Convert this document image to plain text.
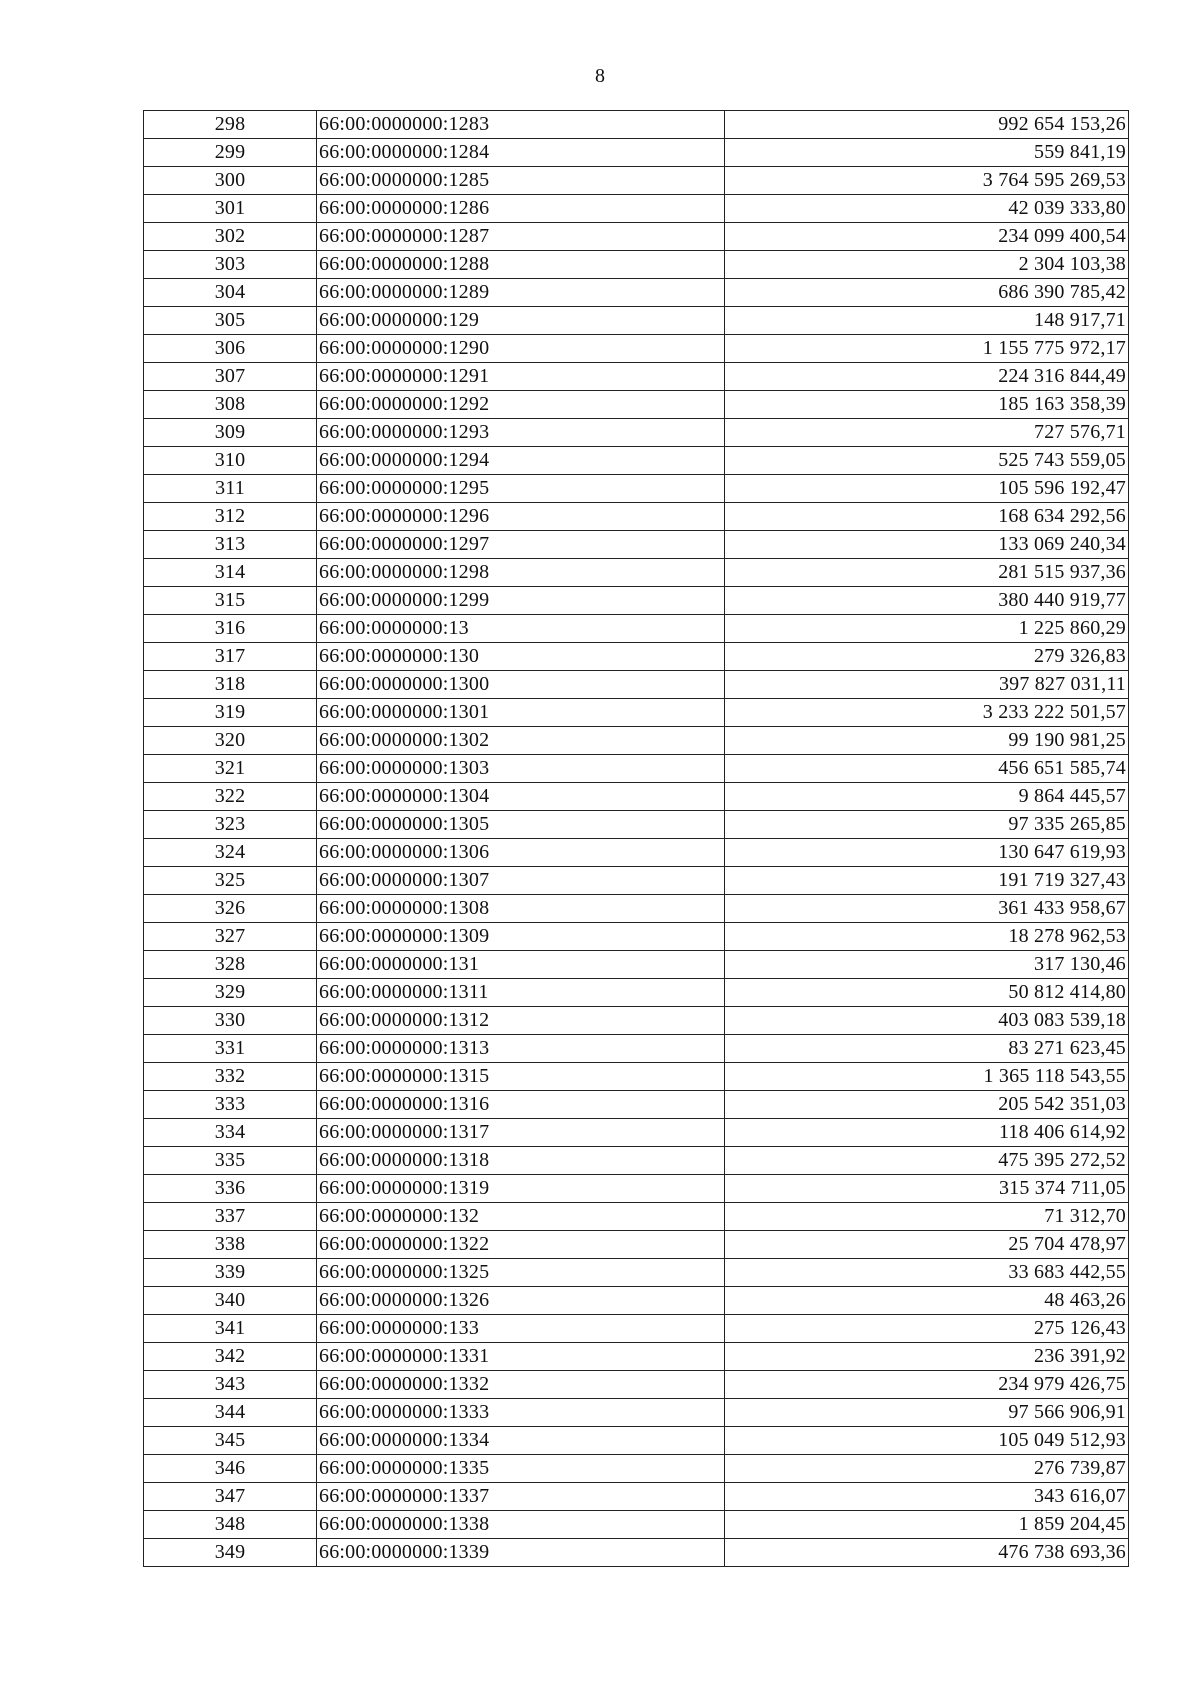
8
298	66:00:0000000:1283	992 654 153,26
299	66:00:0000000:1284	559 841,19
300	66:00:0000000:1285	3 764 595 269,53
301	66:00:0000000:1286	42 039 333,80
302	66:00:0000000:1287	234 099 400,54
303	66:00:0000000:1288	2 304 103,38
304	66:00:0000000:1289	686 390 785,42
305	66:00:0000000:129	148 917,71
306	66:00:0000000:1290	1 155 775 972,17
307	66:00:0000000:1291	224 316 844,49
308	66:00:0000000:1292	185 163 358,39
309	66:00:0000000:1293	727 576,71
310	66:00:0000000:1294	525 743 559,05
311	66:00:0000000:1295	105 596 192,47
312	66:00:0000000:1296	168 634 292,56
313	66:00:0000000:1297	133 069 240,34
314	66:00:0000000:1298	281 515 937,36
315	66:00:0000000:1299	380 440 919,77
316	66:00:0000000:13	1 225 860,29
317	66:00:0000000:130	279 326,83
318	66:00:0000000:1300	397 827 031,11
319	66:00:0000000:1301	3 233 222 501,57
320	66:00:0000000:1302	99 190 981,25
321	66:00:0000000:1303	456 651 585,74
322	66:00:0000000:1304	9 864 445,57
323	66:00:0000000:1305	97 335 265,85
324	66:00:0000000:1306	130 647 619,93
325	66:00:0000000:1307	191 719 327,43
326	66:00:0000000:1308	361 433 958,67
327	66:00:0000000:1309	18 278 962,53
328	66:00:0000000:131	317 130,46
329	66:00:0000000:1311	50 812 414,80
330	66:00:0000000:1312	403 083 539,18
331	66:00:0000000:1313	83 271 623,45
332	66:00:0000000:1315	1 365 118 543,55
333	66:00:0000000:1316	205 542 351,03
334	66:00:0000000:1317	118 406 614,92
335	66:00:0000000:1318	475 395 272,52
336	66:00:0000000:1319	315 374 711,05
337	66:00:0000000:132	71 312,70
338	66:00:0000000:1322	25 704 478,97
339	66:00:0000000:1325	33 683 442,55
340	66:00:0000000:1326	48 463,26
341	66:00:0000000:133	275 126,43
342	66:00:0000000:1331	236 391,92
343	66:00:0000000:1332	234 979 426,75
344	66:00:0000000:1333	97 566 906,91
345	66:00:0000000:1334	105 049 512,93
346	66:00:0000000:1335	276 739,87
347	66:00:0000000:1337	343 616,07
348	66:00:0000000:1338	1 859 204,45
349	66:00:0000000:1339	476 738 693,36
